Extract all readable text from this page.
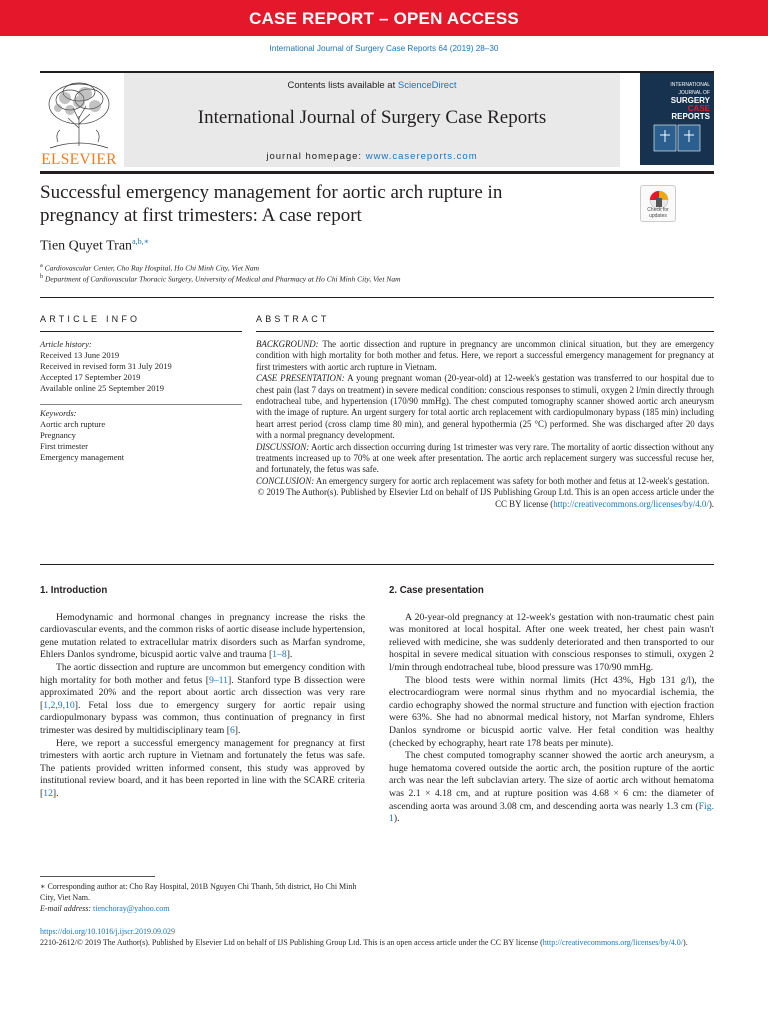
CASE REPORT – OPEN ACCESS
International Journal of Surgery Case Reports 64 (2019) 28–30
ELSEVIER
Contents lists available at ScienceDirect
International Journal of Surgery Case Reports
journal homepage: www.casereports.com
INTERNATIONAL
JOURNAL OF
SURGERY
CASE
REPORTS
Successful emergency management for aortic arch rupture in
pregnancy at first trimesters: A case report	Check for
updates
Tien Quyet Tran$^{a,b,∗}$
$^a$ Cardiovascular Center, Cho Ray Hospital, Ho Chi Minh City, Viet Nam
$^b$ Department of Cardiovascular Thoracic Surgery, University of Medical and Pharmacy at Ho Chi Minh City, Viet Nam
ARTICLE INFO	ABSTRACT
Article history:
Received 13 June 2019
Received in revised form 31 July 2019
Accepted 17 September 2019
Available online 25 September 2019
Keywords:
Aortic arch rupture
Pregnancy
First trimester
Emergency management

BACKGROUND: The aortic dissection and rupture in pregnancy are uncommon clinical situation, but they are emergency condition with high mortality for both mother and fetus. Here, we report a successful emergency management for pregnancy at first trimesters with aortic arch rupture in Vietnam.

CASE PRESENTATION: A young pregnant woman (20-year-old) at 12-week's gestation was transferred to our hospital due to chest pain (last 7 days on treatment) in severe medical condition: conscious responses to stimuli, oxygen 2 l/min directly through endotracheal tube, and hypertension (170/90 mmHg). The chest computed tomography scanner showed aortic arch aneurysm with the image of rupture. An urgent surgery for total aortic arch replacement with cardiopulmonary bypass (185 min) including heart arrest period (cross clamp time 80 min), and general hypothermia (25 °C) performed. She was discharged after 20 days with a normal pregnancy development.

DISCUSSION: Aortic arch dissection occurring during 1st trimester was very rare. The mortality of aortic dissection without any treatments increased up to 70% at one week after presentation. The aortic arch replacement surgery was successful recuse her, and fortunately, the fetus was safe.

CONCLUSION: An emergency surgery for aortic arch replacement was safety for both mother and fetus at 12-week's gestation.

© 2019 The Author(s). Published by Elsevier Ltd on behalf of IJS Publishing Group Ltd. This is an open access article under the CC BY license (http://creativecommons.org/licenses/by/4.0/).

1. Introduction

Hemodynamic and hormonal changes in pregnancy increase the risks the cardiovascular events, and the common risks of aortic disease include hypertension, gene mutation related to extracellular matrix disorders such as Marfan syndrome, Ehlers Danlos syndrome, bicuspid aortic valve and trauma [1–8].

The aortic dissection and rupture are uncommon but emergency condition with high mortality for both mother and fetus [9–11]. Stanford type B dissection were approximated 20% and the report about aortic arch dissection was very rare [1,2,9,10]. Fetal loss due to emergency surgery for aortic repair using cardiopulmonary bypass was common, thus continuation of pregnancy in first trimester was desired by multidisciplinary team [6].

Here, we report a successful emergency management for pregnancy at first trimesters with aortic arch rupture in Vietnam and fortunately the fetus was safe. The patients provided written informed consent, this study was approved by institutional review board, and it has been reported in line with the SCARE criteria [12].

2. Case presentation

A 20-year-old pregnancy at 12-week's gestation with non-traumatic chest pain was monitored at local hospital. After one week treated, her chest pain wasn't relieved with medicine, she was suddenly deteriorated and then transported to our hospital in severe medical situation with conscious responses to stimuli, oxygen 2 l/min through endotracheal tube, blood pressure was 170/90 mmHg.

The blood tests were within normal limits (Hct 43%, Hgb 131 g/l), the electrocardiogram were normal sinus rhythm and no myocardial ischemia, the cardio echography showed the normal structure and function with ejection fraction were 63%. She had no abnormal medical history, not Marfan syndrome, Ehlers Danlos syndrome or bicuspid aortic valve. Her fetal condition was healthy (checked by echography, heart rate 178 beats per minute).

The chest computed tomography scanner showed the aortic arch aneurysm, a huge hematoma covered outside the aortic arch, the position rupture of the aortic arch was near the left subclavian artery. The size of aortic arch without hematoma was 2.1 × 4.18 cm, and at rupture position was 4.68 × 6 cm: the diameter of ascending aorta was around 3.08 cm, and descending aorta was nearly 1.3 cm (Fig. 1).

∗ Corresponding author at: Cho Ray Hospital, 201B Nguyen Chi Thanh, 5th district, Ho Chi Minh City, Viet Nam.
E-mail address: tienchoray@yahoo.com
https://doi.org/10.1016/j.ijscr.2019.09.029
2210-2612/© 2019 The Author(s). Published by Elsevier Ltd on behalf of IJS Publishing Group Ltd. This is an open access article under the CC BY license (http://creativecommons.org/licenses/by/4.0/).
